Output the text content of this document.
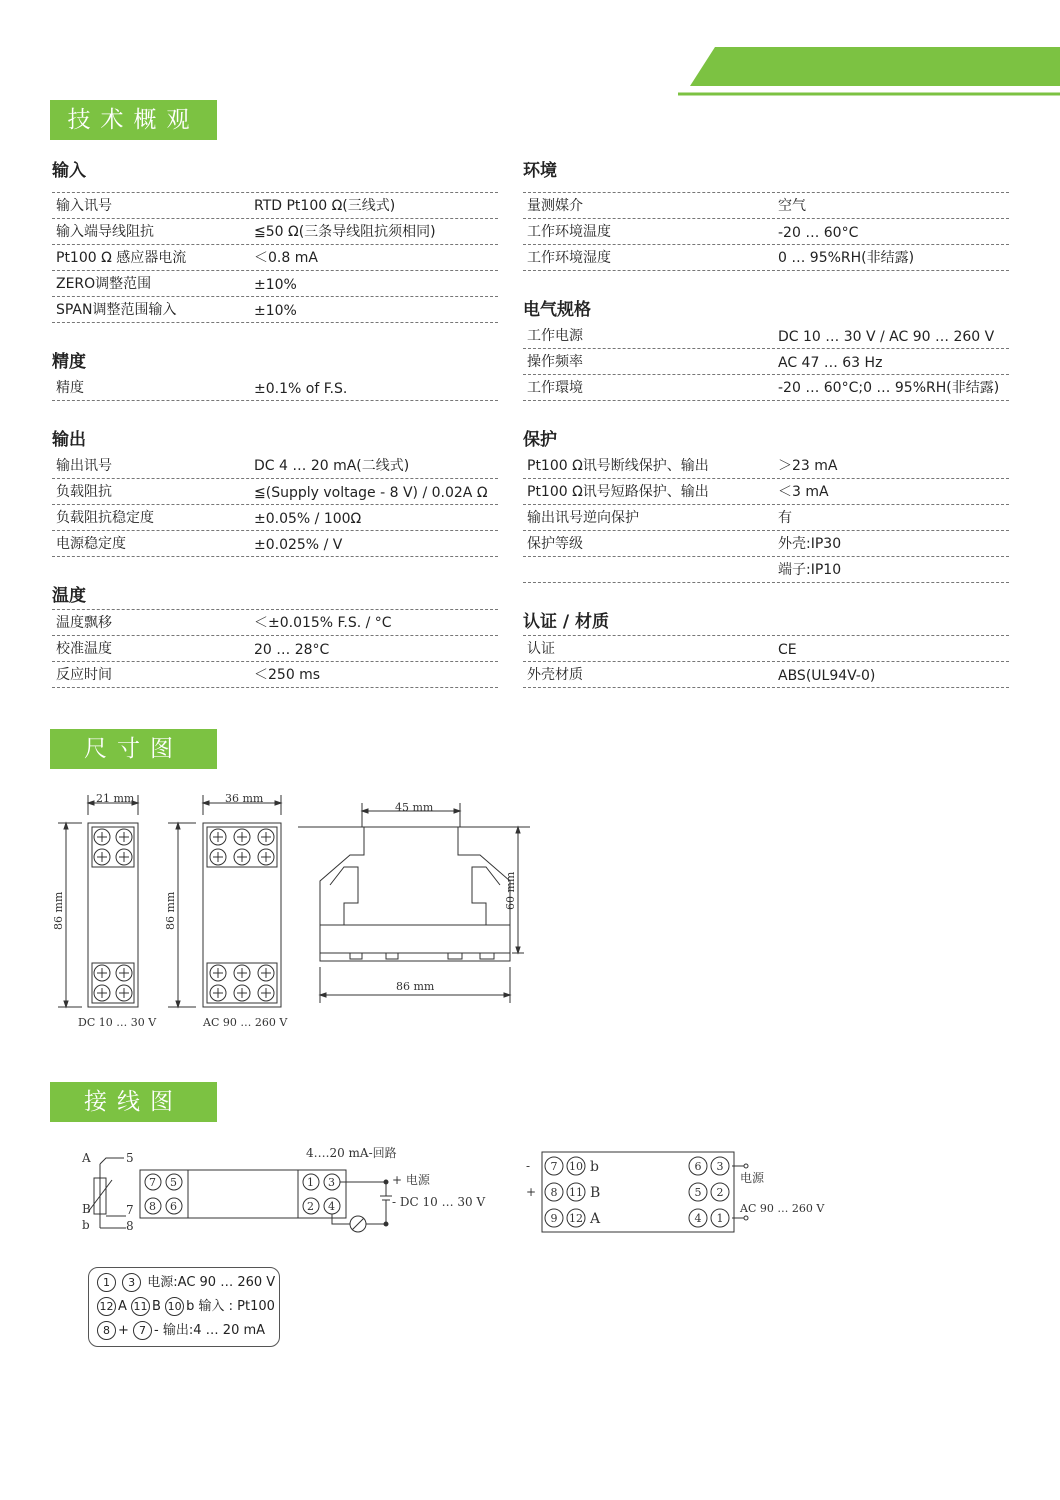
技术概观
尺寸图
接线图
输入
输入讯号	RTD Pt100 Ω(三线式)
输入端导线阻抗	≦50 Ω(三条导线阻抗须相同)
Pt100 Ω 感应器电流	＜0.8 mA
ZERO调整范围	±10%
SPAN调整范围输入	±10%
精度
精度	±0.1% of F.S.
输出
输出讯号	DC 4 … 20 mA(二线式)
负载阻抗	≦(Supply voltage - 8 V) / 0.02A Ω
负载阻抗稳定度	±0.05% / 100Ω
电源稳定度	±0.025% / V
温度
温度飘移	＜±0.015% F.S. / °C
校准温度	20 … 28°C
反应时间	＜250 ms
环境
量测媒介	空气
工作环境温度	-20 … 60°C
工作环境湿度	0 … 95%RH(非结露)
电气规格
工作电源	DC 10 … 30 V / AC 90 … 260 V
操作频率	AC 47 … 63 Hz
工作環境	-20 … 60°C;0 … 95%RH(非结露)
保护
Pt100 Ω讯号断线保护、输出	＞23 mA
Pt100 Ω讯号短路保护、输出	＜3 mA
输出讯号逆向保护	有
保护等级	外壳:IP30
端子:IP10
认证 / 材质
认证	CE
外壳材质	ABS(UL94V-0)
21 mm	36 mm
45 mm
86 mm
86 mm	86 mm
60 mm
DC 10 … 30 V	AC 90 … 260 V
A
B
b
5
7
8
7 5
8 6
1 3
2 4
4….20 mA-回路
+ 电源
- DC 10 … 30 V
-
+
电源
AC 90 … 260 V
7 10	6 3
b
8 11	5 2
B
9 12	4 1
A
1 3 电源:AC 90 … 260 V
12 A 11 B 10 b 输入 : Pt100
8 + 7 - 输出:4 … 20 mA
